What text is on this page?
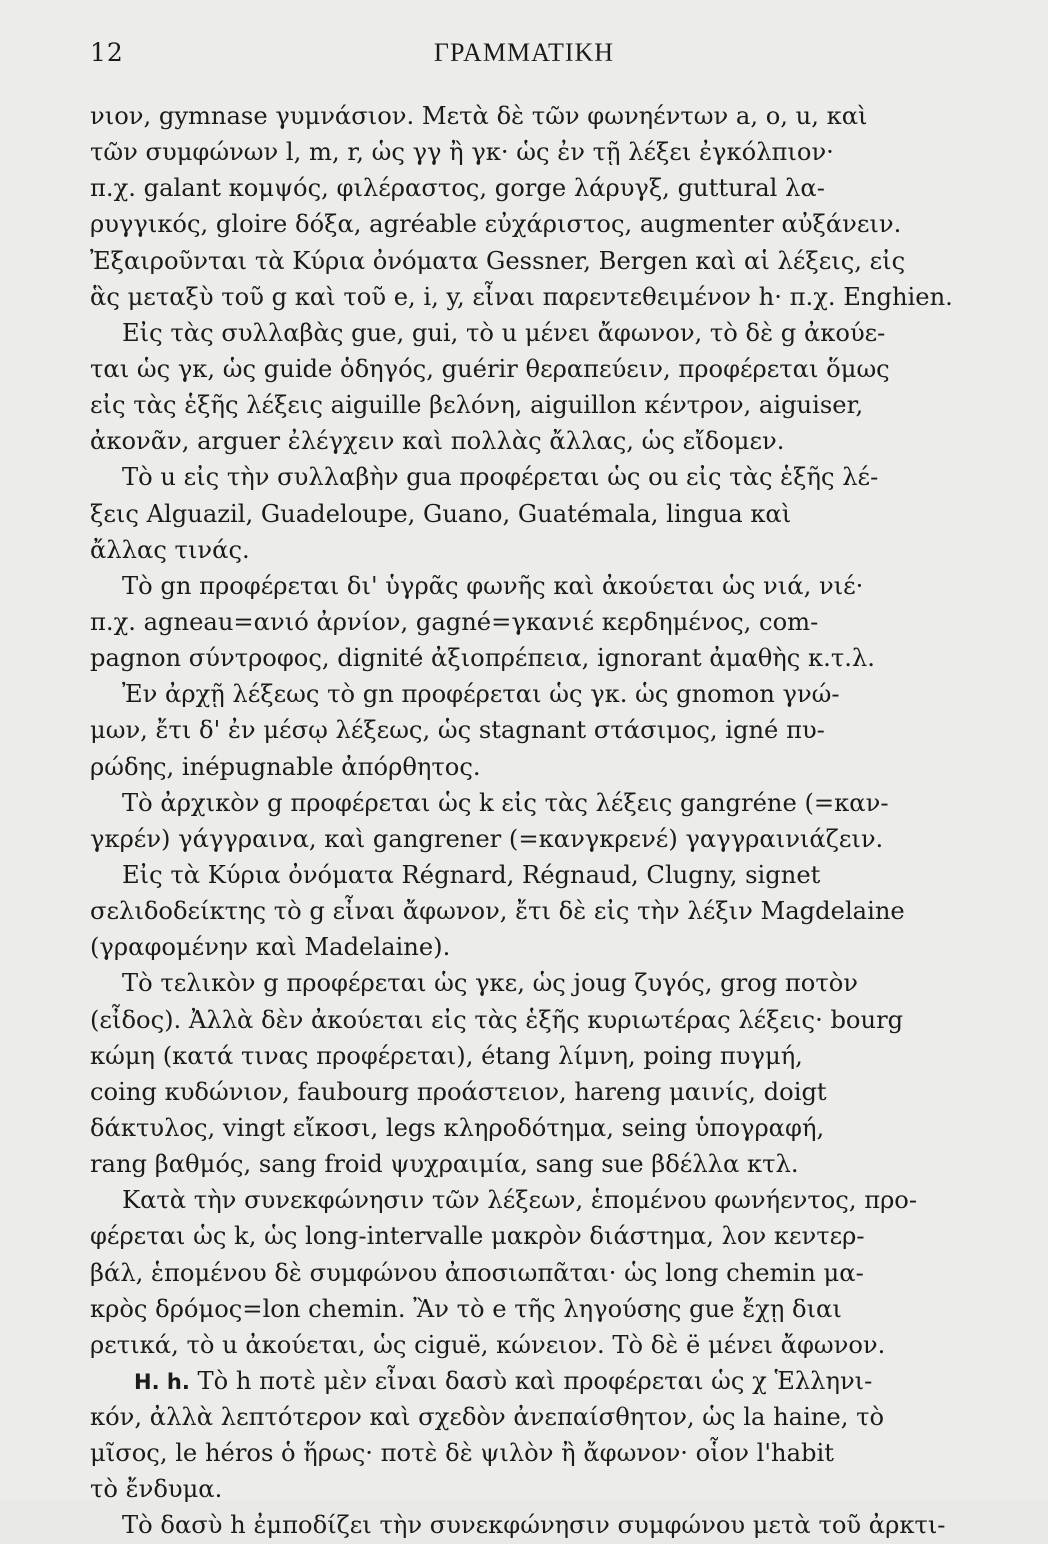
12	ΓΡΑΜΜΑΤΙΚΗ
νιον, gymnase γυμνάσιον. Μετὰ δὲ τῶν φωνηέντων a, o, u, καὶ
τῶν συμφώνων l, m, r, ὡς γγ ἢ γκ· ὡς ἐν τῇ λέξει ἐγκόλπιον·
π.χ. galant κομψός, φιλέραστος, gorge λάρυγξ, guttural λα-
ρυγγικός, gloire δόξα, agréable εὐχάριστος, augmenter αὐξάνειν.
Ἐξαιροῦνται τὰ Κύρια ὀνόματα Gessner, Bergen καὶ αἱ λέξεις, εἰς
ἃς μεταξὺ τοῦ g καὶ τοῦ e, i, y, εἶναι παρεντεθειμένον h· π.χ. Enghien.
Εἰς τὰς συλλαβὰς gue, gui, τὸ u μένει ἄφωνον, τὸ δὲ g ἀκούε-
ται ὡς γκ, ὡς guide ὁδηγός, guérir θεραπεύειν, προφέρεται ὅμως
εἰς τὰς ἑξῆς λέξεις aiguille βελόνη, aiguillon κέντρον, aiguiser,
ἀκονᾶν, arguer ἐλέγχειν καὶ πολλὰς ἄλλας, ὡς εἴδομεν.
Τὸ u εἰς τὴν συλλαβὴν gua προφέρεται ὡς ou εἰς τὰς ἑξῆς λέ-
ξεις Alguazil, Guadeloupe, Guano, Guatémala, lingua καὶ
ἄλλας τινάς.
Τὸ gn προφέρεται δι' ὑγρᾶς φωνῆς καὶ ἀκούεται ὡς νιά, νιέ·
π.χ. agneau=ανιό ἀρνίον, gagné=γκανιέ κερδημένος, com-
pagnon σύντροφος, dignité ἀξιοπρέπεια, ignorant ἀμαθὴς κ.τ.λ.
Ἐν ἀρχῇ λέξεως τὸ gn προφέρεται ὡς γκ. ὡς gnomon γνώ-
μων, ἔτι δ' ἐν μέσῳ λέξεως, ὡς stagnant στάσιμος, igné πυ-
ρώδης, inépugnable ἀπόρθητος.
Τὸ ἀρχικὸν g προφέρεται ὡς k εἰς τὰς λέξεις gangréne (=καν-
γκρέν) γάγγραινα, καὶ gangrener (=κανγκρενέ) γαγγραινιάζειν.
Εἰς τὰ Κύρια ὀνόματα Régnard, Régnaud, Clugny, signet
σελιδοδείκτης τὸ g εἶναι ἄφωνον, ἔτι δὲ εἰς τὴν λέξιν Magdelaine
(γραφομένην καὶ Madelaine).
Τὸ τελικὸν g προφέρεται ὡς γκε, ὡς joug ζυγός, grog ποτὸν
(εἶδος). Ἀλλὰ δὲν ἀκούεται εἰς τὰς ἑξῆς κυριωτέρας λέξεις· bourg
κώμη (κατά τινας προφέρεται), étang λίμνη, poing πυγμή,
coing κυδώνιον, faubourg προάστειον, hareng μαινίς, doigt
δάκτυλος, vingt εἴκοσι, legs κληροδότημα, seing ὑπογραφή,
rang βαθμός, sang froid ψυχραιμία, sang sue βδέλλα κτλ.
Κατὰ τὴν συνεκφώνησιν τῶν λέξεων, ἑπομένου φωνήεντος, προ-
φέρεται ὡς k, ὡς long-intervalle μακρὸν διάστημα, λον κεντερ-
βάλ, ἑπομένου δὲ συμφώνου ἀποσιωπᾶται· ὡς long chemin μα-
κρὸς δρόμος=lon chemin. Ἂν τὸ e τῆς ληγούσης gue ἔχῃ διαι
ρετικά, τὸ u ἀκούεται, ὡς ciguë, κώνειον. Τὸ δὲ ë μένει ἄφωνον.
H. h. Τὸ h ποτὲ μὲν εἶναι δασὺ καὶ προφέρεται ὡς χ Ἑλληνι-
κόν, ἀλλὰ λεπτότερον καὶ σχεδὸν ἀνεπαίσθητον, ὡς la haine, τὸ
μῖσος, le héros ὁ ἥρως· ποτὲ δὲ ψιλὸν ἢ ἄφωνον· οἷον l'habit
τὸ ἔνδυμα.
Τὸ δασὺ h ἐμποδίζει τὴν συνεκφώνησιν συμφώνου μετὰ τοῦ ἀρκτι-
